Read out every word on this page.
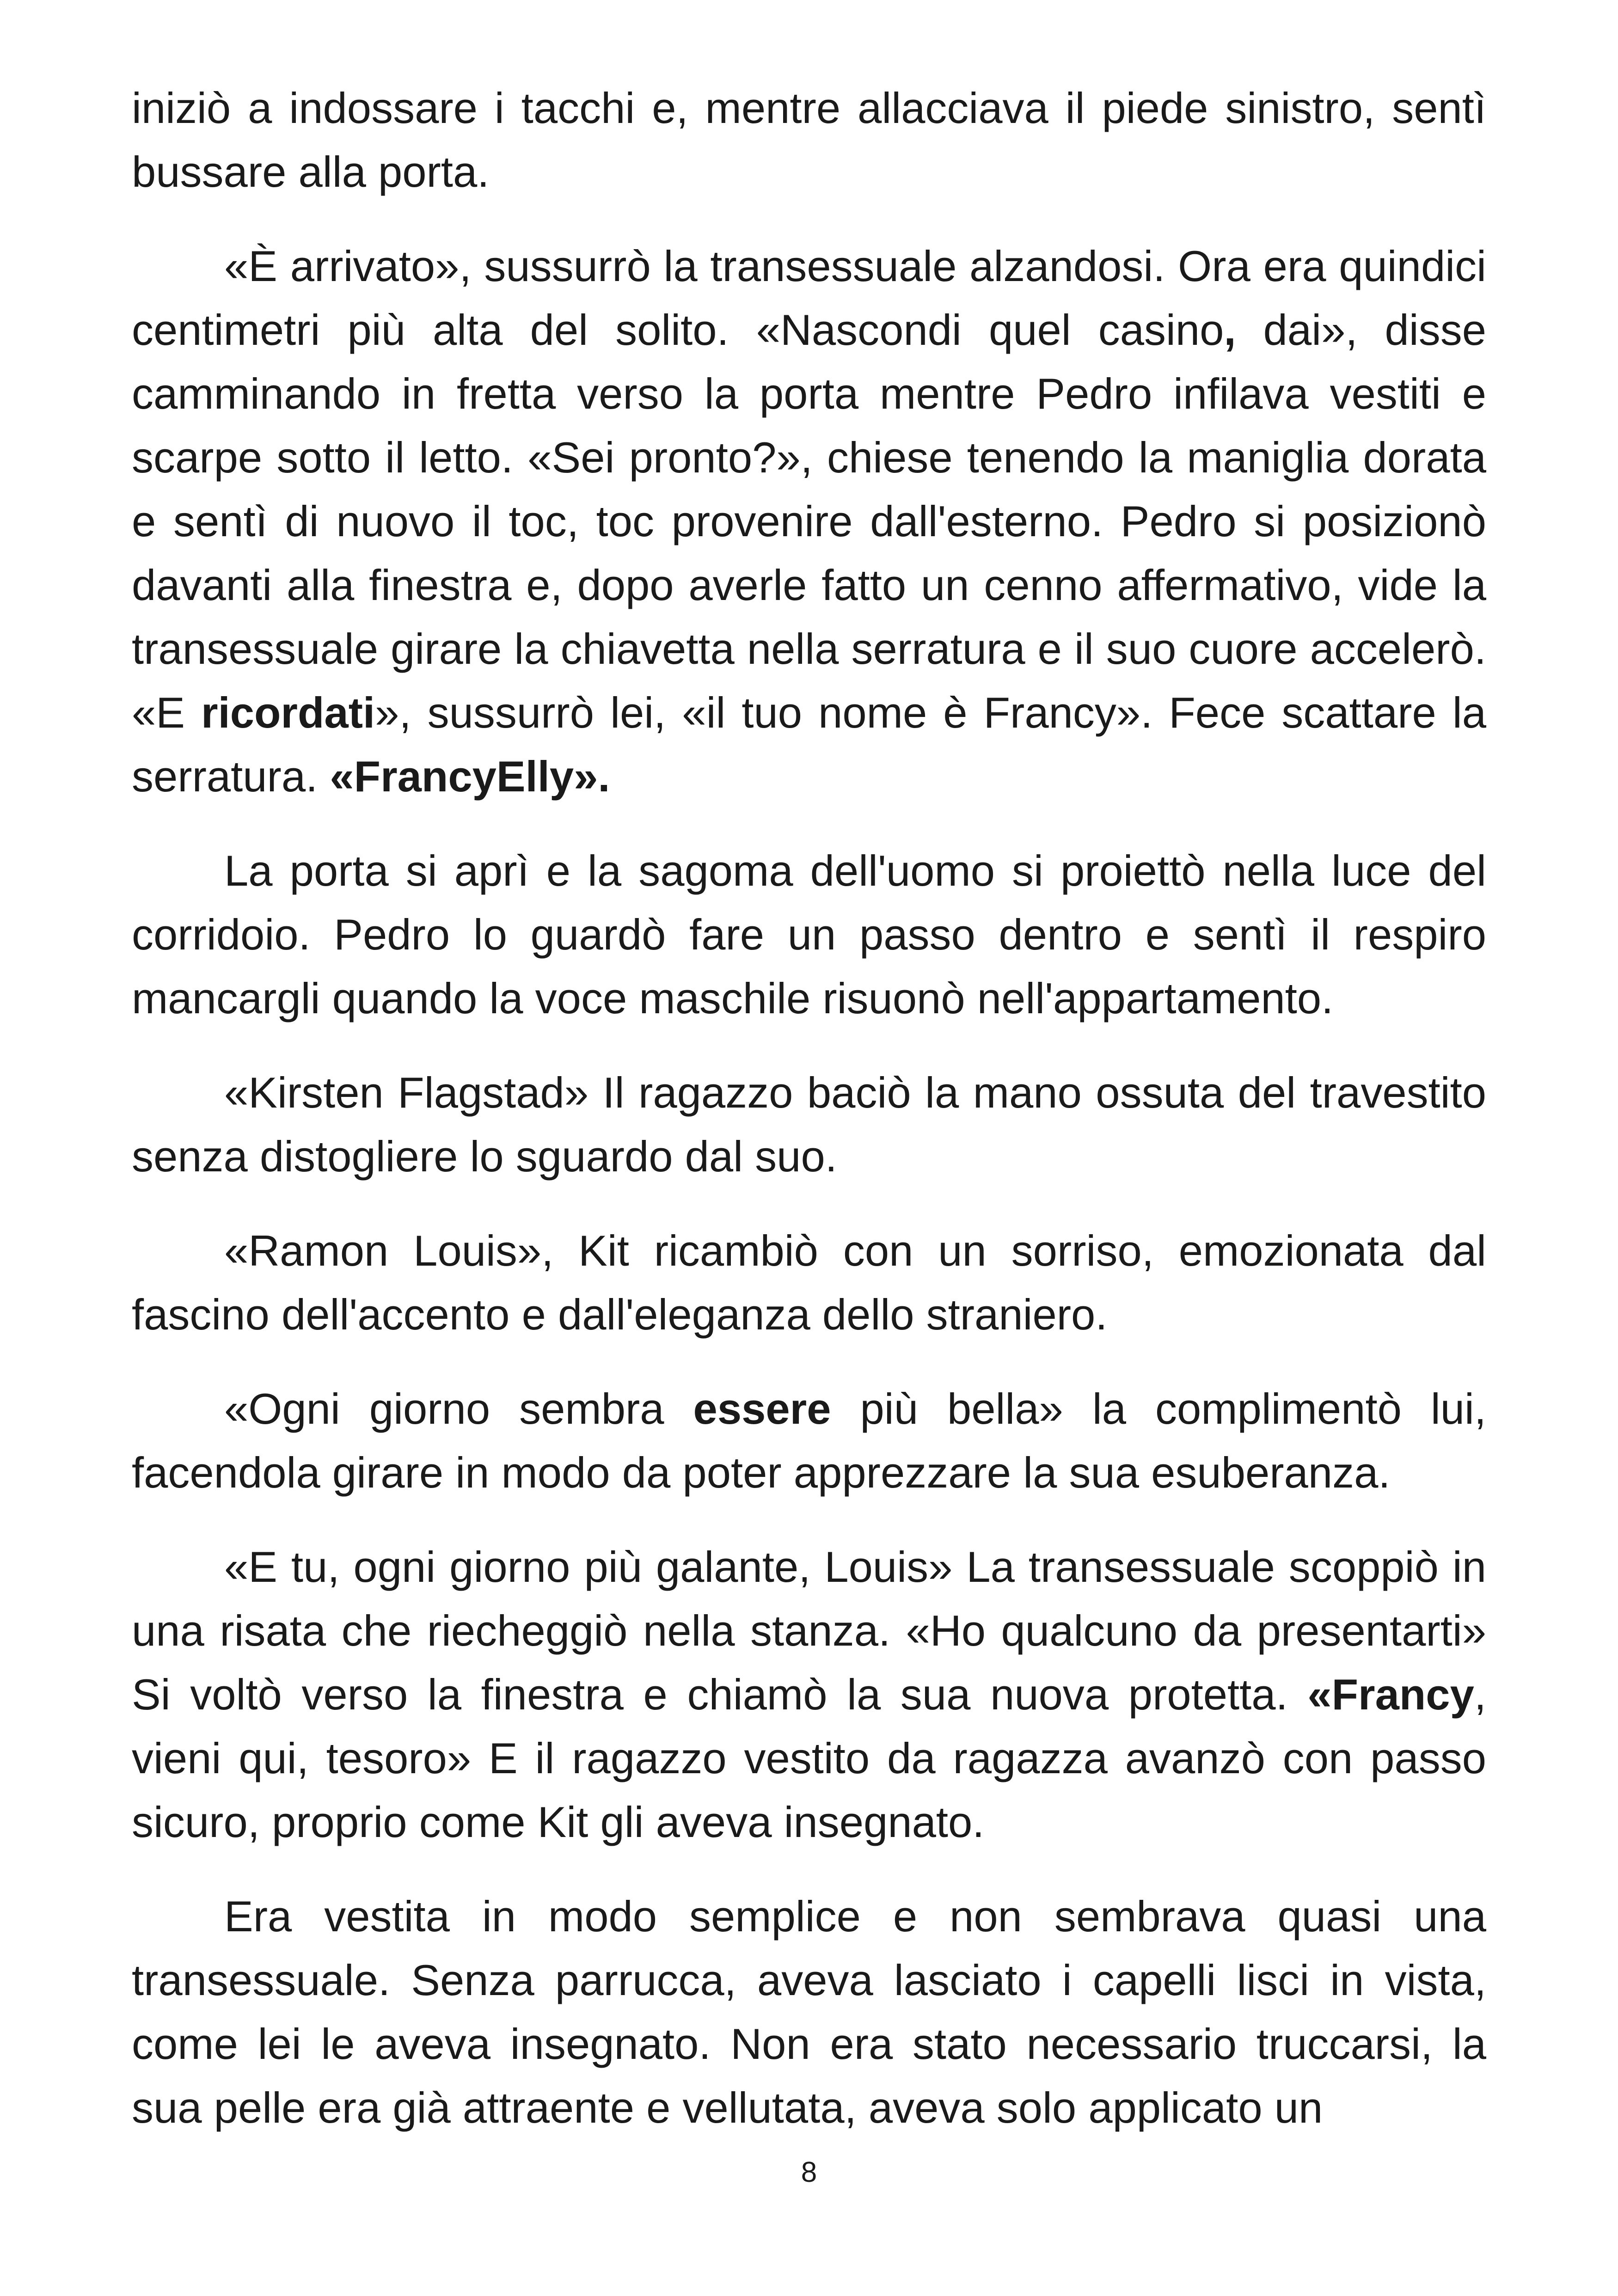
iniziò a indossare i tacchi e, mentre allacciava il piede sinistro, sentì bussare alla porta.

«È arrivato», sussurrò la transessuale alzandosi. Ora era quindici centimetri più alta del solito. «Nascondi quel casino, dai», disse camminando in fretta verso la porta mentre Pedro infilava vestiti e scarpe sotto il letto. «Sei pronto?», chiese tenendo la maniglia dorata e sentì di nuovo il toc, toc provenire dall'esterno. Pedro si posizionò davanti alla finestra e, dopo averle fatto un cenno affermativo, vide la transessuale girare la chiavetta nella serratura e il suo cuore accelerò. «E ricordati», sussurrò lei, «il tuo nome è Francy». Fece scattare la serratura. «FrancyElly».

La porta si aprì e la sagoma dell'uomo si proiettò nella luce del corridoio. Pedro lo guardò fare un passo dentro e sentì il respiro mancargli quando la voce maschile risuonò nell'appartamento.

«Kirsten Flagstad» Il ragazzo baciò la mano ossuta del travestito senza distogliere lo sguardo dal suo.

«Ramon Louis», Kit ricambiò con un sorriso, emozionata dal fascino dell'accento e dall'eleganza dello straniero.

«Ogni giorno sembra essere più bella» la complimentò lui, facendola girare in modo da poter apprezzare la sua esuberanza.

«E tu, ogni giorno più galante, Louis» La transessuale scoppiò in una risata che riecheggiò nella stanza. «Ho qualcuno da presentarti» Si voltò verso la finestra e chiamò la sua nuova protetta. «Francy, vieni qui, tesoro» E il ragazzo vestito da ragazza avanzò con passo sicuro, proprio come Kit gli aveva insegnato.

Era vestita in modo semplice e non sembrava quasi una transessuale. Senza parrucca, aveva lasciato i capelli lisci in vista, come lei le aveva insegnato. Non era stato necessario truccarsi, la sua pelle era già attraente e vellutata, aveva solo applicato un

8
